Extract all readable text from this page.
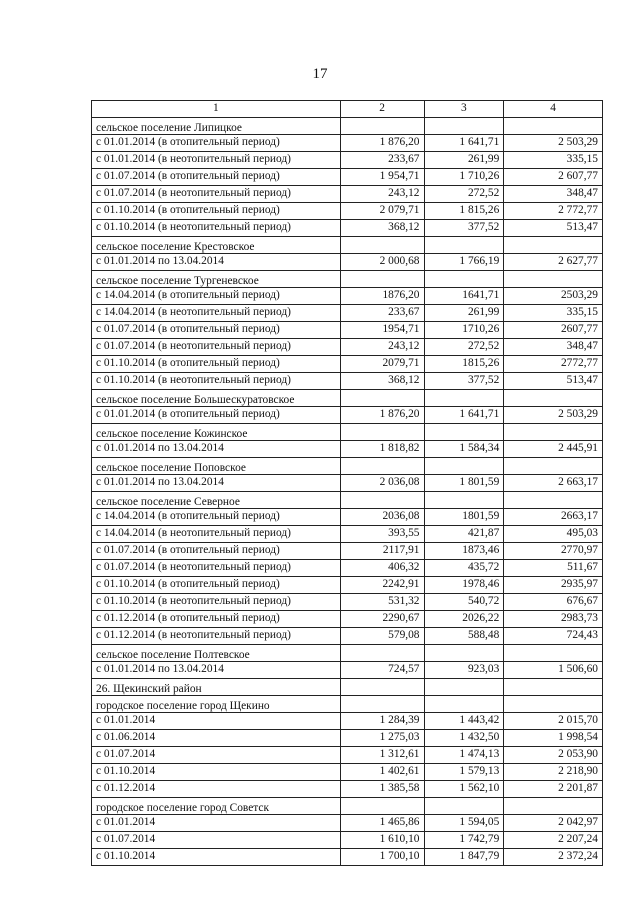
17
1	2	3	4
сельское поселение Липицкое			
с 01.01.2014 (в отопительный период)	1 876,20	1 641,71	2 503,29
с 01.01.2014 (в неотопительный период)	233,67	261,99	335,15
с 01.07.2014 (в отопительный период)	1 954,71	1 710,26	2 607,77
с 01.07.2014 (в неотопительный период)	243,12	272,52	348,47
с 01.10.2014 (в отопительный период)	2 079,71	1 815,26	2 772,77
с 01.10.2014 (в неотопительный период)	368,12	377,52	513,47
сельское поселение Крестовское			
с 01.01.2014 по 13.04.2014	2 000,68	1 766,19	2 627,77
сельское поселение Тургеневское			
с 14.04.2014 (в отопительный период)	1876,20	1641,71	2503,29
с 14.04.2014 (в неотопительный период)	233,67	261,99	335,15
с 01.07.2014 (в отопительный период)	1954,71	1710,26	2607,77
с 01.07.2014 (в неотопительный период)	243,12	272,52	348,47
с 01.10.2014 (в отопительный период)	2079,71	1815,26	2772,77
с 01.10.2014 (в неотопительный период)	368,12	377,52	513,47
сельское поселение Большескуратовское			
с 01.01.2014 (в отопительный период)	1 876,20	1 641,71	2 503,29
сельское поселение Кожинское			
с 01.01.2014 по 13.04.2014	1 818,82	1 584,34	2 445,91
сельское поселение Поповское			
с 01.01.2014 по 13.04.2014	2 036,08	1 801,59	2 663,17
сельское поселение Северное			
с 14.04.2014 (в отопительный период)	2036,08	1801,59	2663,17
с 14.04.2014 (в неотопительный период)	393,55	421,87	495,03
с 01.07.2014 (в отопительный период)	2117,91	1873,46	2770,97
с 01.07.2014 (в неотопительный период)	406,32	435,72	511,67
с 01.10.2014 (в отопительный период)	2242,91	1978,46	2935,97
с 01.10.2014 (в неотопительный период)	531,32	540,72	676,67
с 01.12.2014 (в отопительный период)	2290,67	2026,22	2983,73
с 01.12.2014 (в неотопительный период)	579,08	588,48	724,43
сельское поселение Полтевское			
с 01.01.2014 по 13.04.2014	724,57	923,03	1 506,60
26. Щекинский район			
городское поселение город Щекино			
с 01.01.2014	1 284,39	1 443,42	2 015,70
с 01.06.2014	1 275,03	1 432,50	1 998,54
с 01.07.2014	1 312,61	1 474,13	2 053,90
с 01.10.2014	1 402,61	1 579,13	2 218,90
с 01.12.2014	1 385,58	1 562,10	2 201,87
городское поселение город Советск			
с 01.01.2014	1 465,86	1 594,05	2 042,97
с 01.07.2014	1 610,10	1 742,79	2 207,24
с 01.10.2014	1 700,10	1 847,79	2 372,24
